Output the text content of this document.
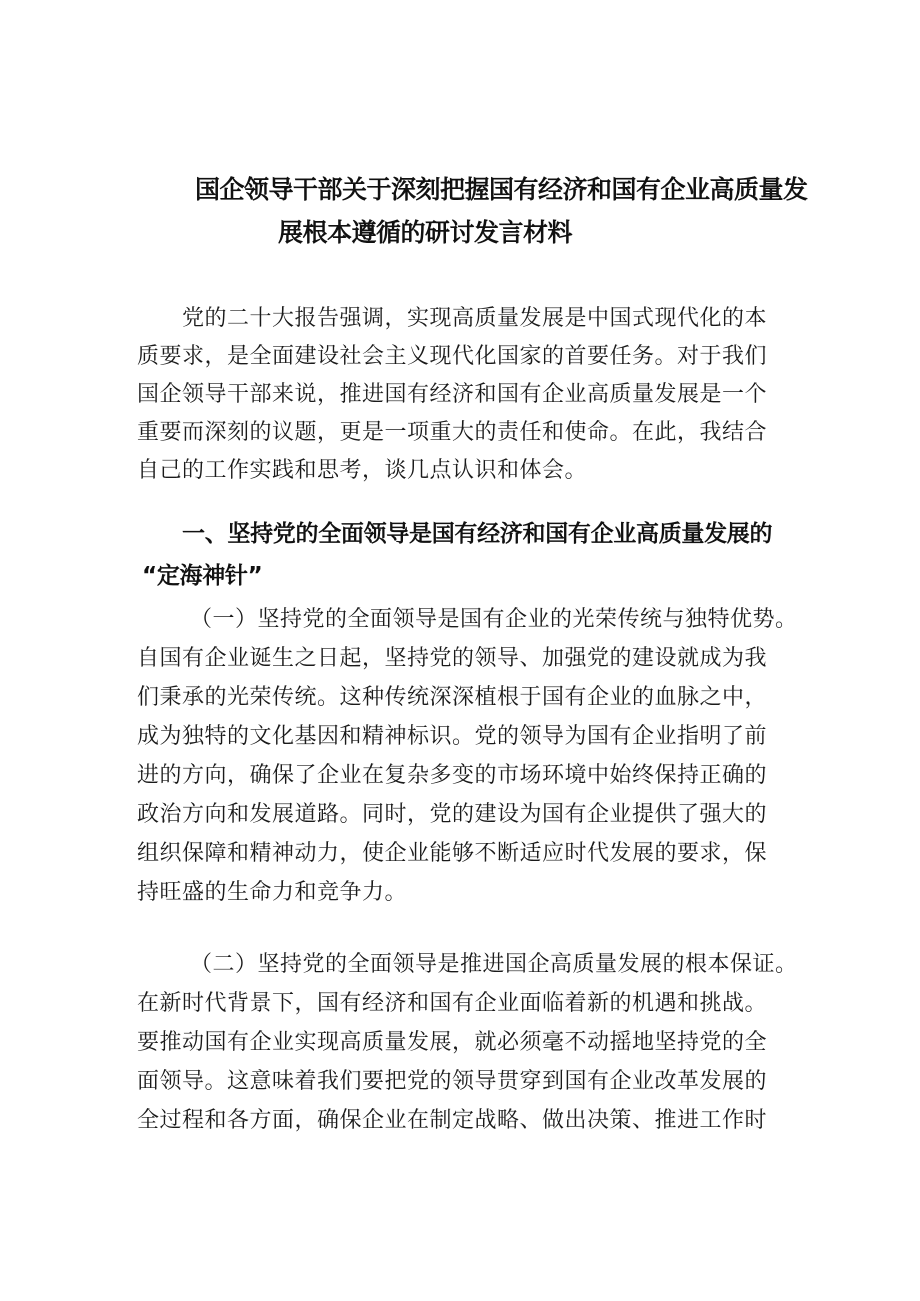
国企领导干部关于深刻把握国有经济和国有企业高质量发
展根本遵循的研讨发言材料
党的二十大报告强调，实现高质量发展是中国式现代化的本
质要求，是全面建设社会主义现代化国家的首要任务。对于我们
国企领导干部来说，推进国有经济和国有企业高质量发展是一个
重要而深刻的议题，更是一项重大的责任和使命。在此，我结合
自己的工作实践和思考，谈几点认识和体会。
一、坚持党的全面领导是国有经济和国有企业高质量发展的
“定海神针”
（一）坚持党的全面领导是国有企业的光荣传统与独特优势。
自国有企业诞生之日起，坚持党的领导、加强党的建设就成为我
们秉承的光荣传统。这种传统深深植根于国有企业的血脉之中，
成为独特的文化基因和精神标识。党的领导为国有企业指明了前
进的方向，确保了企业在复杂多变的市场环境中始终保持正确的
政治方向和发展道路。同时，党的建设为国有企业提供了强大的
组织保障和精神动力，使企业能够不断适应时代发展的要求，保
持旺盛的生命力和竞争力。
（二）坚持党的全面领导是推进国企高质量发展的根本保证。
在新时代背景下，国有经济和国有企业面临着新的机遇和挑战。
要推动国有企业实现高质量发展，就必须毫不动摇地坚持党的全
面领导。这意味着我们要把党的领导贯穿到国有企业改革发展的
全过程和各方面，确保企业在制定战略、做出决策、推进工作时
